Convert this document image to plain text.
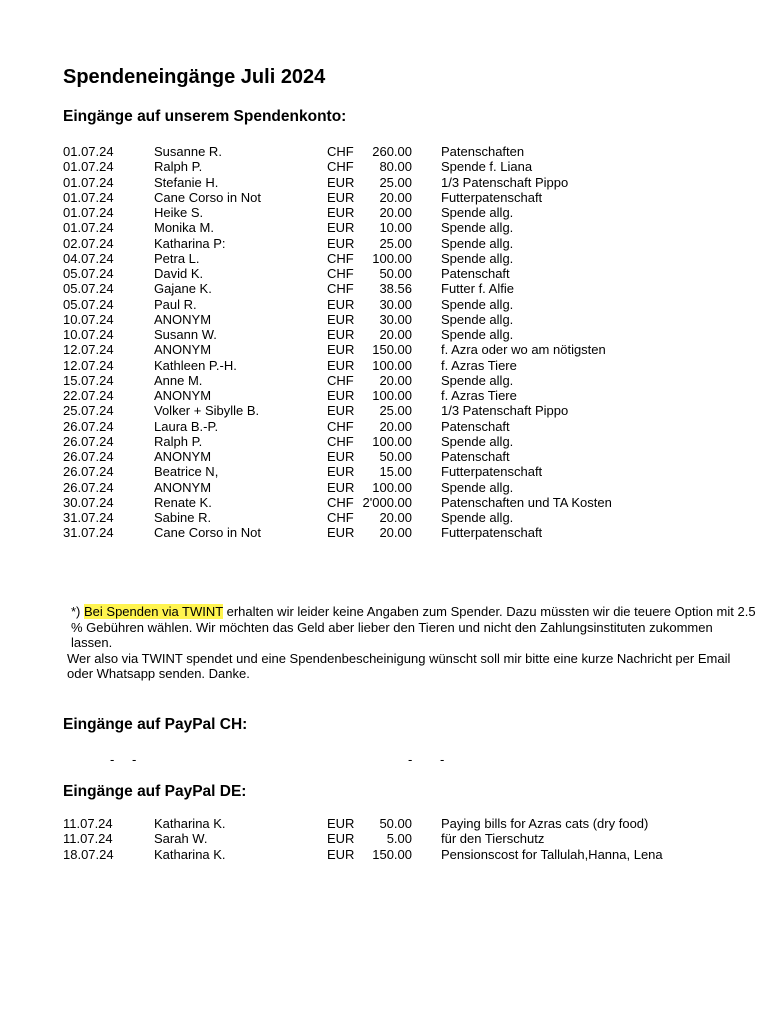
Spendeneingänge Juli 2024
Eingänge auf unserem Spendenkonto:
01.07.24	Susanne R.	CHF 260.00 Patenschaften
01.07.24	Ralph P.	CHF 80.00 Spende f. Liana
01.07.24	Stefanie H.	EUR 25.00 1/3 Patenschaft Pippo
01.07.24	Cane Corso in Not	EUR 20.00 Futterpatenschaft
01.07.24	Heike S.	EUR 20.00 Spende allg.
01.07.24	Monika M.	EUR 10.00 Spende allg.
02.07.24	Katharina P:	EUR 25.00 Spende allg.
04.07.24	Petra L.	CHF 100.00 Spende allg.
05.07.24	David K.	CHF 50.00 Patenschaft
05.07.24	Gajane K.	CHF 38.56 Futter f. Alfie
05.07.24	Paul R.	EUR 30.00 Spende allg.
10.07.24	ANONYM	EUR 30.00 Spende allg.
10.07.24	Susann W.	EUR 20.00 Spende allg.
12.07.24	ANONYM	EUR 150.00 f. Azra oder wo am nötigsten
12.07.24	Kathleen P.-H.	EUR 100.00 f. Azras Tiere
15.07.24	Anne M.	CHF 20.00 Spende allg.
22.07.24	ANONYM	EUR 100.00 f. Azras Tiere
25.07.24	Volker + Sibylle B.	EUR 25.00 1/3 Patenschaft Pippo
26.07.24	Laura B.-P.	CHF 20.00 Patenschaft
26.07.24	Ralph P.	CHF 100.00 Spende allg.
26.07.24	ANONYM	EUR 50.00 Patenschaft
26.07.24	Beatrice N,	EUR 15.00 Futterpatenschaft
26.07.24	ANONYM	EUR 100.00 Spende allg.
30.07.24	Renate K.	CHF 2'000.00 Patenschaften und TA Kosten
31.07.24	Sabine R.	CHF 20.00 Spende allg.
31.07.24	Cane Corso in Not	EUR 20.00 Futterpatenschaft

*) Bei Spenden via TWINT erhalten wir leider keine Angaben zum Spender. Dazu müssten wir die teuere Option mit 2.5 % Gebühren wählen. Wir möchten das Geld aber lieber den Tieren und nicht den Zahlungsinstituten zukommen lassen.

Wer also via TWINT spendet und eine Spendenbescheinigung wünscht soll mir bitte eine kurze Nachricht per Email oder Whatsapp senden. Danke.

Eingänge auf PayPal CH:
- -	- -
Eingänge auf PayPal DE:
11.07.24	Katharina K.	EUR 50.00 Paying bills for Azras cats (dry food)
11.07.24	Sarah W.	EUR 5.00 für den Tierschutz
18.07.24	Katharina K.	EUR 150.00 Pensionscost for Tallulah,Hanna, Lena
